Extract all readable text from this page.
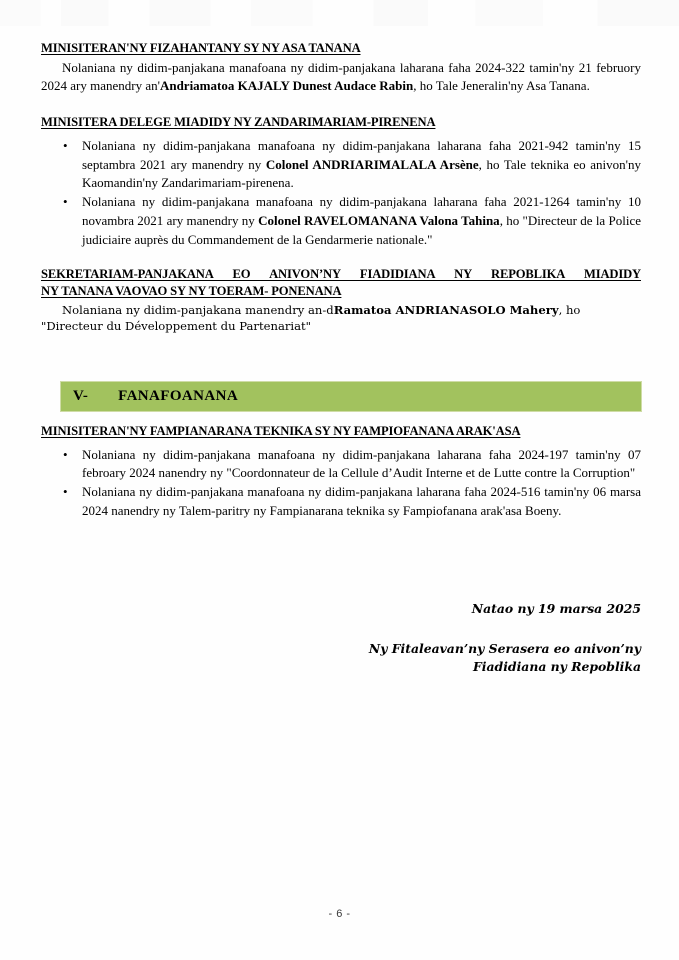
MINISITERAN'NY FIZAHANTANY SY NY ASA TANANA

Nolaniana ny didim-panjakana manafoana ny didim-panjakana laharana faha 2024-322 tamin'ny 21 februory 2024 ary manendry an'Andriamatoa KAJALY Dunest Audace Rabin, ho Tale Jeneralin'ny Asa Tanana.

MINISITERA DELEGE MIADIDY NY ZANDARIMARIAM-PIRENENA
• Nolaniana ny didim-panjakana manafoana ny didim-panjakana laharana faha 2021-942 tamin'ny 15 septambra 2021 ary manendry ny Colonel ANDRIARIMALALA Arsène, ho Tale teknika eo anivon'ny Kaomandin'ny Zandarimariam-pirenena.
• Nolaniana ny didim-panjakana manafoana ny didim-panjakana laharana faha 2021-1264 tamin'ny 10 novambra 2021 ary manendry ny Colonel RAVELOMANANA Valona Tahina, ho "Directeur de la Police judiciaire auprès du Commandement de la Gendarmerie nationale."
SEKRETARIAM-PANJAKANA EO ANIVON’NY FIADIDIANA NY REPOBLIKA MIADIDY
NY TANANA VAOVAO SY NY TOERAM- PONENANA

Nolaniana ny didim-panjakana manendry an-dRamatoa ANDRIANASOLO Mahery, ho "Directeur du Développement du Partenariat"

V-	FANAFOANANA
MINISITERAN'NY FAMPIANARANA TEKNIKA SY NY FAMPIOFANANA ARAK'ASA
• Nolaniana ny didim-panjakana manafoana ny didim-panjakana laharana faha 2024-197 tamin'ny 07 febroary 2024 nanendry ny "Coordonnateur de la Cellule d’Audit Interne et de Lutte contre la Corruption"
• Nolaniana ny didim-panjakana manafoana ny didim-panjakana laharana faha 2024-516 tamin'ny 06 marsa 2024 nanendry ny Talem-paritry ny Fampianarana teknika sy Fampiofanana arak'asa Boeny.
Natao ny 19 marsa 2025
Ny Fitaleavan’ny Serasera eo anivon’ny
Fiadidiana ny Repoblika
- 6 -
